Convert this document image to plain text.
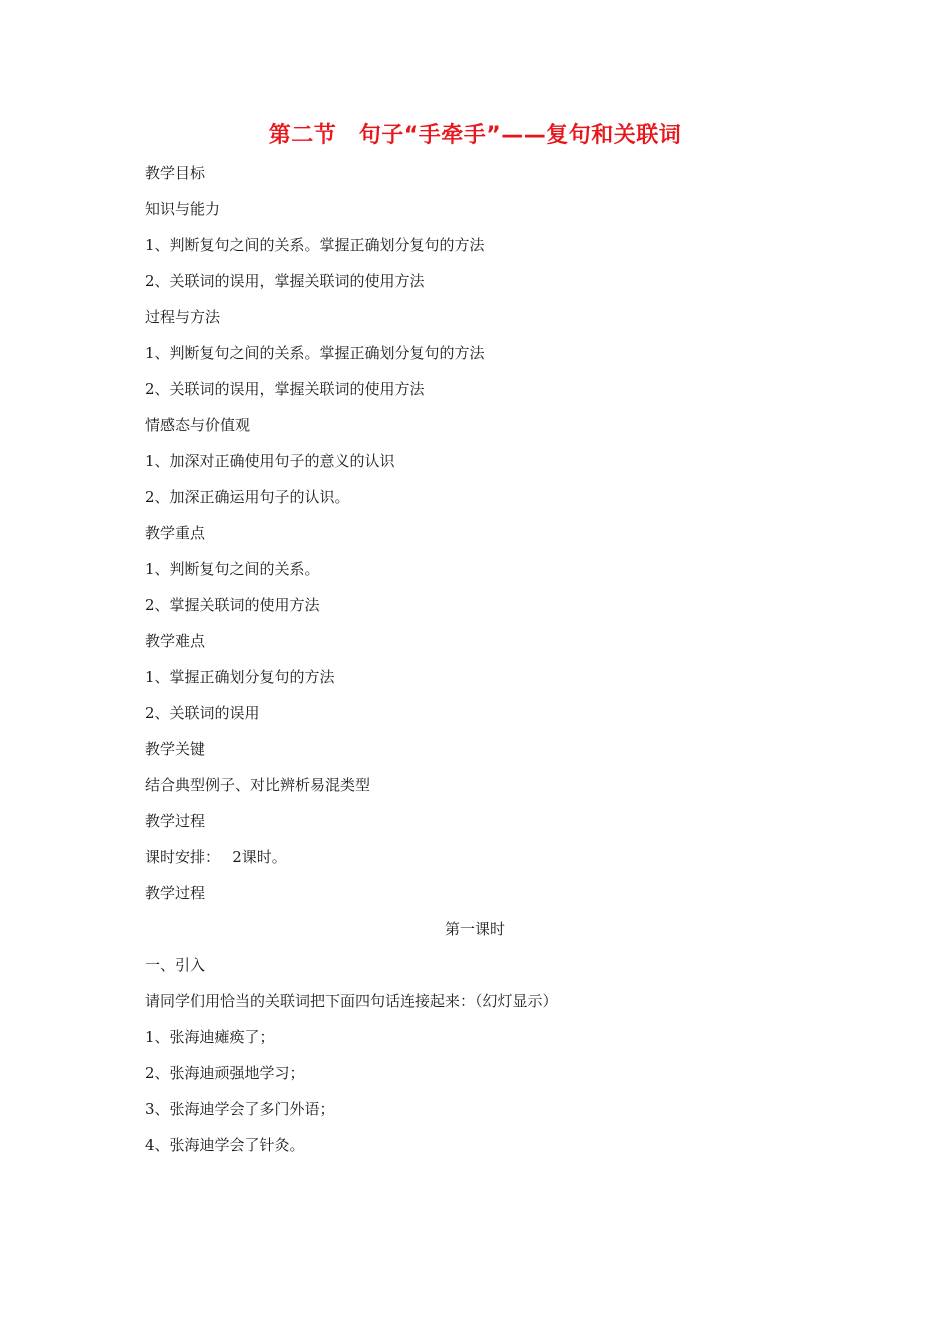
第二节　句子“手牵手”——复句和关联词
教学目标
知识与能力
1、判断复句之间的关系。掌握正确划分复句的方法
2、关联词的误用，掌握关联词的使用方法
过程与方法
1、判断复句之间的关系。掌握正确划分复句的方法
2、关联词的误用，掌握关联词的使用方法
情感态与价值观
1、加深对正确使用句子的意义的认识
2、加深正确运用句子的认识。
教学重点
1、判断复句之间的关系。
2、掌握关联词的使用方法
教学难点
1、掌握正确划分复句的方法
2、关联词的误用
教学关键
结合典型例子、对比辨析易混类型
教学过程
课时安排：　 2课时。
教学过程
第一课时
一、引入
请同学们用恰当的关联词把下面四句话连接起来：（幻灯显示）
1、张海迪瘫痪了；
2、张海迪顽强地学习；
3、张海迪学会了多门外语；
4、张海迪学会了针灸。
